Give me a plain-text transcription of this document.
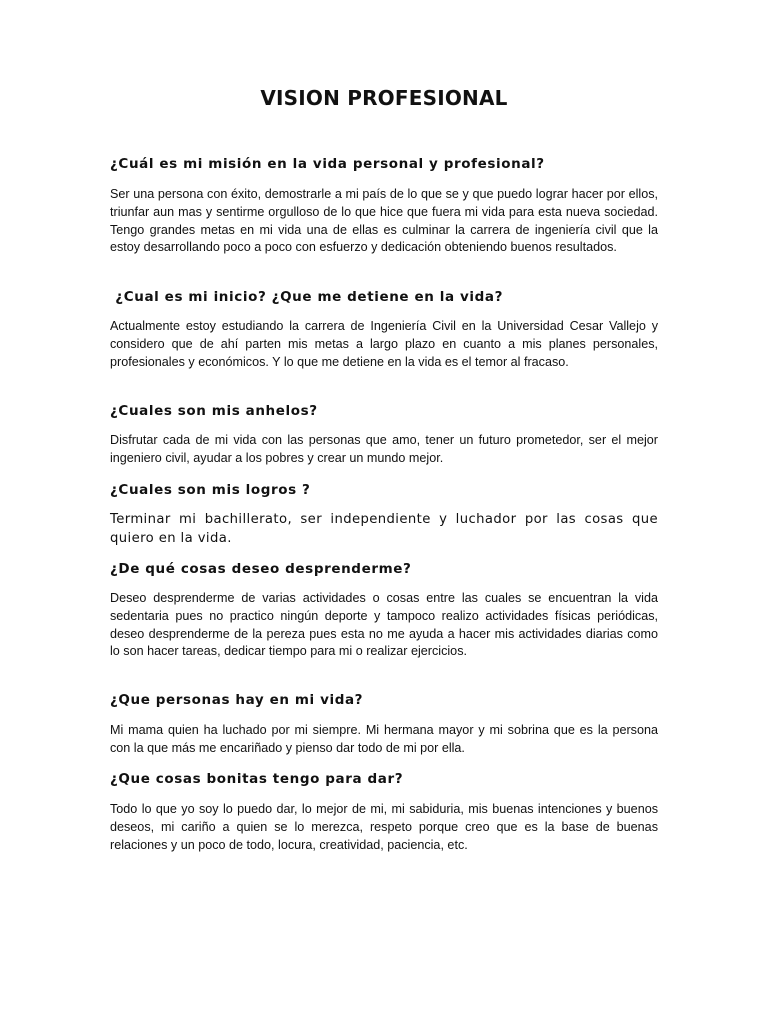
VISION PROFESIONAL
¿Cuál es mi misión en la vida personal y profesional?

Ser una persona con éxito, demostrarle a mi país de lo que se y que puedo lograr hacer por ellos, triunfar aun mas y sentirme orgulloso de lo que hice que fuera mi vida para esta nueva sociedad. Tengo grandes metas en mi vida una de ellas es culminar la carrera de ingeniería civil que la estoy desarrollando poco a poco con esfuerzo y dedicación obteniendo buenos resultados.

¿Cual es mi inicio? ¿Que me detiene en la vida?

Actualmente estoy estudiando la carrera de Ingeniería Civil en la Universidad Cesar Vallejo y considero que de ahí parten mis metas a largo plazo en cuanto a mis planes personales, profesionales y económicos. Y lo que me detiene en la vida es el temor al fracaso.

¿Cuales son mis anhelos?

Disfrutar cada de mi vida con las personas que amo, tener un futuro prometedor, ser el mejor ingeniero civil, ayudar a los pobres y crear un mundo mejor.

¿Cuales son mis logros ?

Terminar mi bachillerato, ser independiente y luchador por las cosas que quiero en la vida.

¿De qué cosas deseo desprenderme?

Deseo desprenderme de varias actividades o cosas entre las cuales se encuentran la vida sedentaria pues no practico ningún deporte y tampoco realizo actividades físicas periódicas, deseo desprenderme de la pereza pues esta no me ayuda a hacer mis actividades diarias como lo son hacer tareas, dedicar tiempo para mi o realizar ejercicios.

¿Que personas hay en mi vida?

Mi mama quien ha luchado por mi siempre. Mi hermana mayor y mi sobrina que es la persona con la que más me encariñado y pienso dar todo de mi por ella.

¿Que cosas bonitas tengo para dar?

Todo lo que yo soy lo puedo dar, lo mejor de mi, mi sabiduria, mis buenas intenciones y buenos deseos, mi cariño a quien se lo merezca, respeto porque creo que es la base de buenas relaciones y un poco de todo, locura, creatividad, paciencia, etc.
